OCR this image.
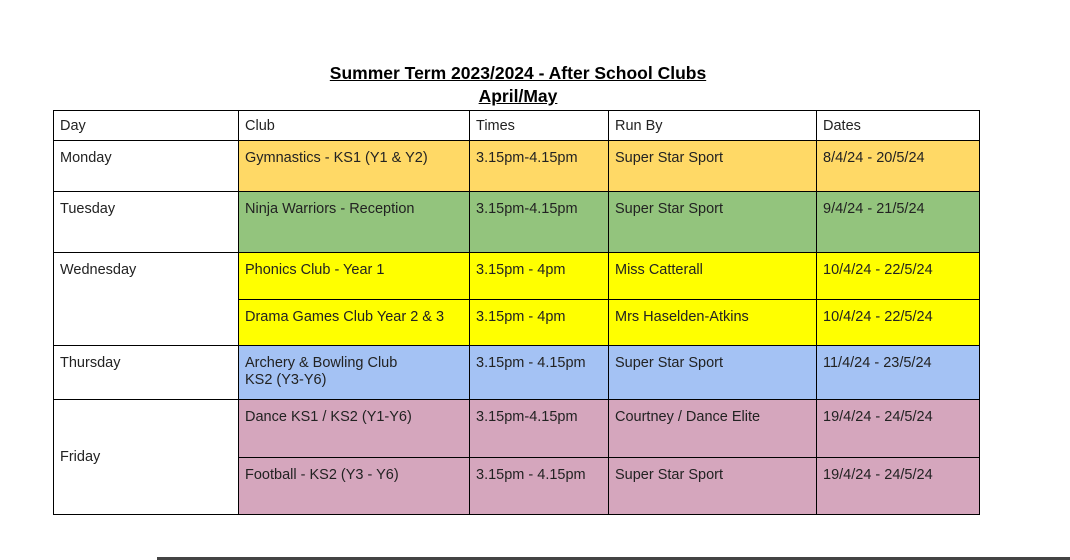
Summer Term 2023/2024 - After School Clubs
April/May
Day	Club	Times	Run By	Dates
Monday	Gymnastics - KS1 (Y1 & Y2)	3.15pm-4.15pm	Super Star Sport	8/4/24 - 20/5/24
Tuesday	Ninja Warriors - Reception	3.15pm-4.15pm	Super Star Sport	9/4/24 - 21/5/24
Wednesday	Phonics Club - Year 1	3.15pm - 4pm	Miss Catterall	10/4/24 - 22/5/24
	Drama Games Club Year 2 & 3	3.15pm - 4pm	Mrs Haselden-Atkins	10/4/24 - 22/5/24
Thursday	Archery & Bowling Club
KS2 (Y3-Y6)	3.15pm - 4.15pm	Super Star Sport	11/4/24 - 23/5/24
Friday	Dance KS1 / KS2 (Y1-Y6)	3.15pm-4.15pm	Courtney / Dance Elite	19/4/24 - 24/5/24
	Football - KS2 (Y3 - Y6)	3.15pm - 4.15pm	Super Star Sport	19/4/24 - 24/5/24
